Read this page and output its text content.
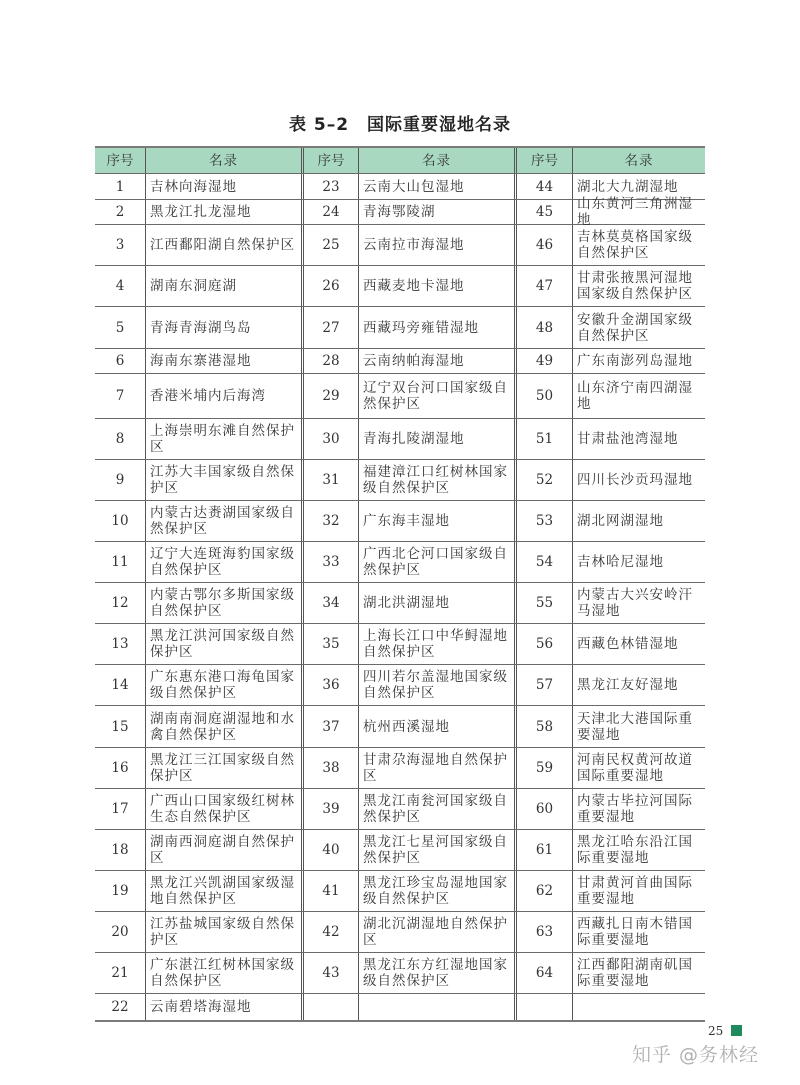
表 5–2 国际重要湿地名录
序号	名录	序号	名录	序号	名录
1	吉林向海湿地	23	云南大山包湿地	44	湖北大九湖湿地
2	黑龙江扎龙湿地	24	青海鄂陵湖	45	山东黄河三角洲湿地
3	江西鄱阳湖自然保护区	25	云南拉市海湿地	46	吉林莫莫格国家级自然保护区
4	湖南东洞庭湖	26	西藏麦地卡湿地	47	甘肃张掖黑河湿地国家级自然保护区
5	青海青海湖鸟岛	27	西藏玛旁雍错湿地	48	安徽升金湖国家级自然保护区
6	海南东寨港湿地	28	云南纳帕海湿地	49	广东南澎列岛湿地
7	香港米埔内后海湾	29	辽宁双台河口国家级自然保护区	50	山东济宁南四湖湿地
8	上海崇明东滩自然保护区	30	青海扎陵湖湿地	51	甘肃盐池湾湿地
9	江苏大丰国家级自然保护区	31	福建漳江口红树林国家级自然保护区	52	四川长沙贡玛湿地
10	内蒙古达赉湖国家级自然保护区	32	广东海丰湿地	53	湖北网湖湿地
11	辽宁大连斑海豹国家级自然保护区	33	广西北仑河口国家级自然保护区	54	吉林哈尼湿地
12	内蒙古鄂尔多斯国家级自然保护区	34	湖北洪湖湿地	55	内蒙古大兴安岭汗马湿地
13	黑龙江洪河国家级自然保护区	35	上海长江口中华鲟湿地自然保护区	56	西藏色林错湿地
14	广东惠东港口海龟国家级自然保护区	36	四川若尔盖湿地国家级自然保护区	57	黑龙江友好湿地
15	湖南南洞庭湖湿地和水禽自然保护区	37	杭州西溪湿地	58	天津北大港国际重要湿地
16	黑龙江三江国家级自然保护区	38	甘肃尕海湿地自然保护区	59	河南民权黄河故道国际重要湿地
17	广西山口国家级红树林生态自然保护区	39	黑龙江南瓮河国家级自然保护区	60	内蒙古毕拉河国际重要湿地
18	湖南西洞庭湖自然保护区	40	黑龙江七星河国家级自然保护区	61	黑龙江哈东沿江国际重要湿地
19	黑龙江兴凯湖国家级湿地自然保护区	41	黑龙江珍宝岛湿地国家级自然保护区	62	甘肃黄河首曲国际重要湿地
20	江苏盐城国家级自然保护区	42	湖北沉湖湿地自然保护区	63	西藏扎日南木错国际重要湿地
21	广东湛江红树林国家级自然保护区	43	黑龙江东方红湿地国家级自然保护区	64	江西鄱阳湖南矶国际重要湿地
22	云南碧塔海湿地
25
知乎 @务林经
